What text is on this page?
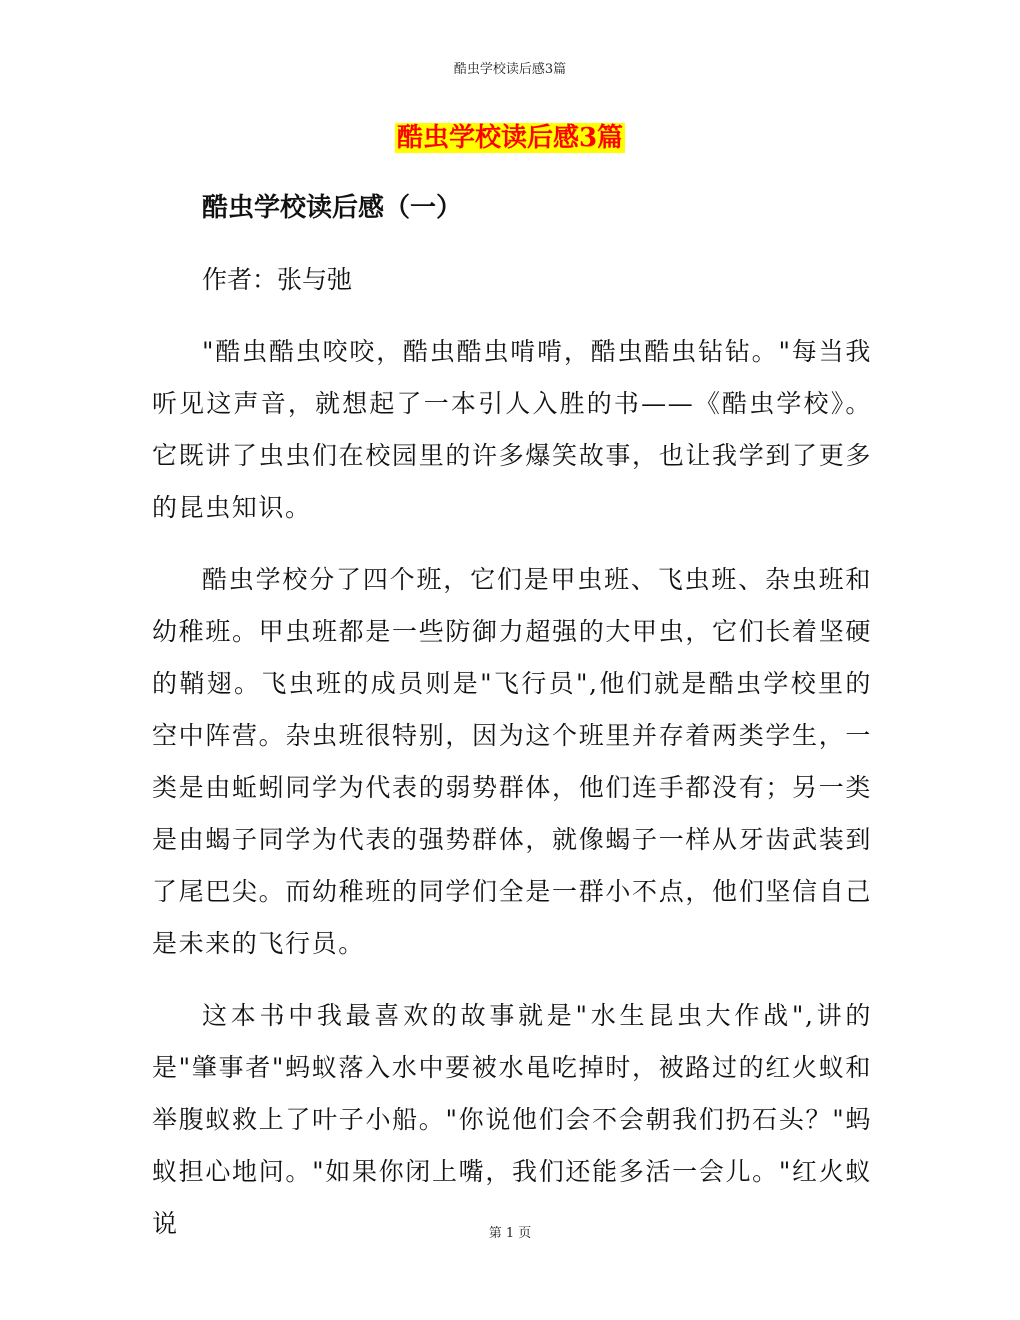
酷虫学校读后感3篇
酷虫学校读后感3篇
酷虫学校读后感（一）
作者：张与弛

"酷虫酷虫咬咬，酷虫酷虫啃啃，酷虫酷虫钻钻。"每当我听见这声音，就想起了一本引人入胜的书——《酷虫学校》。它既讲了虫虫们在校园里的许多爆笑故事，也让我学到了更多的昆虫知识。

酷虫学校分了四个班，它们是甲虫班、飞虫班、杂虫班和幼稚班。甲虫班都是一些防御力超强的大甲虫，它们长着坚硬的鞘翅。飞虫班的成员则是"飞行员",他们就是酷虫学校里的空中阵营。杂虫班很特别，因为这个班里并存着两类学生，一类是由蚯蚓同学为代表的弱势群体，他们连手都没有；另一类是由蝎子同学为代表的强势群体，就像蝎子一样从牙齿武装到了尾巴尖。而幼稚班的同学们全是一群小不点，他们坚信自己是未来的飞行员。

这本书中我最喜欢的故事就是"水生昆虫大作战",讲的是"肇事者"蚂蚁落入水中要被水黾吃掉时，被路过的红火蚁和举腹蚁救上了叶子小船。"你说他们会不会朝我们扔石头？"蚂蚁担心地问。"如果你闭上嘴，我们还能多活一会儿。"红火蚁说	第 1 页
